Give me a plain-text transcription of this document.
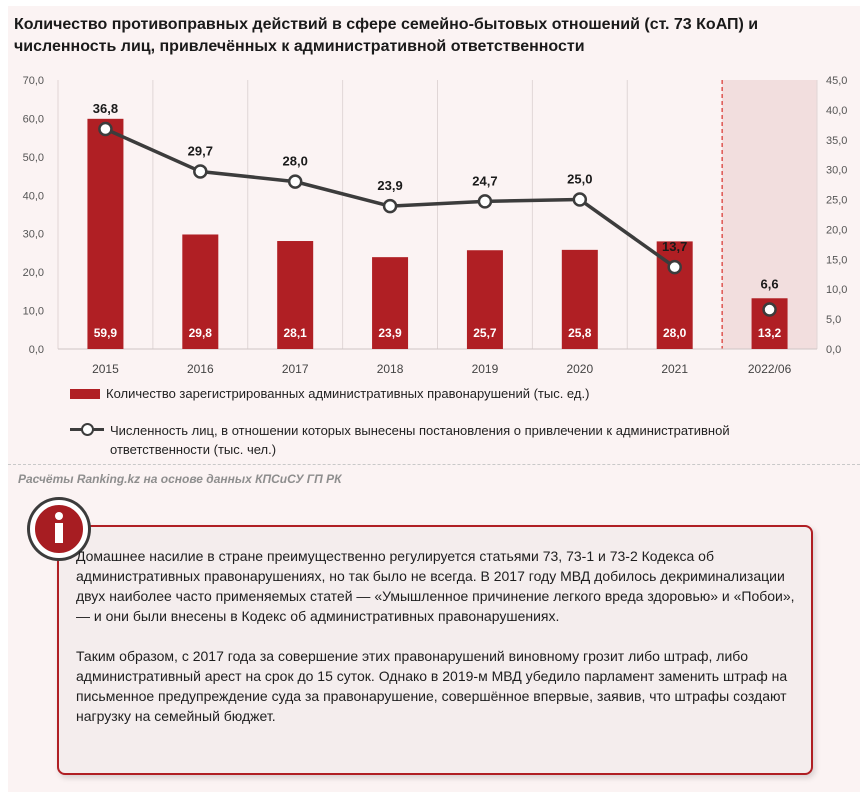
Количество противоправных действий в сфере семейно-бытовых отношений (ст. 73 КоАП) и численность лиц, привлечённых к административной ответственности
0,0
10,0
20,0
30,0
40,0
50,0
60,0
70,0
0,0
5,0
10,0
15,0
20,0
25,0
30,0
35,0
40,0
45,0
2015	2016	2017	2018	2019	2020	2021	2022/06
59,9	29,8	28,1	23,9	25,7	25,8	28,0	13,2
36,8
29,7
28,0
23,9	24,7	25,0
13,7
6,6
Количество зарегистрированных административных правонарушений (тыс. ед.)
Численность лиц, в отношении которых вынесены постановления о привлечении к административной ответственности (тыс. чел.)
Расчёты Ranking.kz на основе данных КПСиСУ ГП РК

Домашнее насилие в стране преимущественно регулируется статьями 73, 73-1 и 73-2 Кодекса об административных правонарушениях, но так было не всегда. В 2017 году МВД добилось декриминализации двух наиболее часто применяемых статей — «Умышленное причинение легкого вреда здоровью» и «Побои», — и они были внесены в Кодекс об административных правонарушениях.

Таким образом, с 2017 года за совершение этих правонарушений виновному грозит либо штраф, либо административный арест на срок до 15 суток. Однако в 2019-м МВД убедило парламент заменить штраф на письменное предупреждение суда за правонарушение, совершённое впервые, заявив, что штрафы создают нагрузку на семейный бюджет.
